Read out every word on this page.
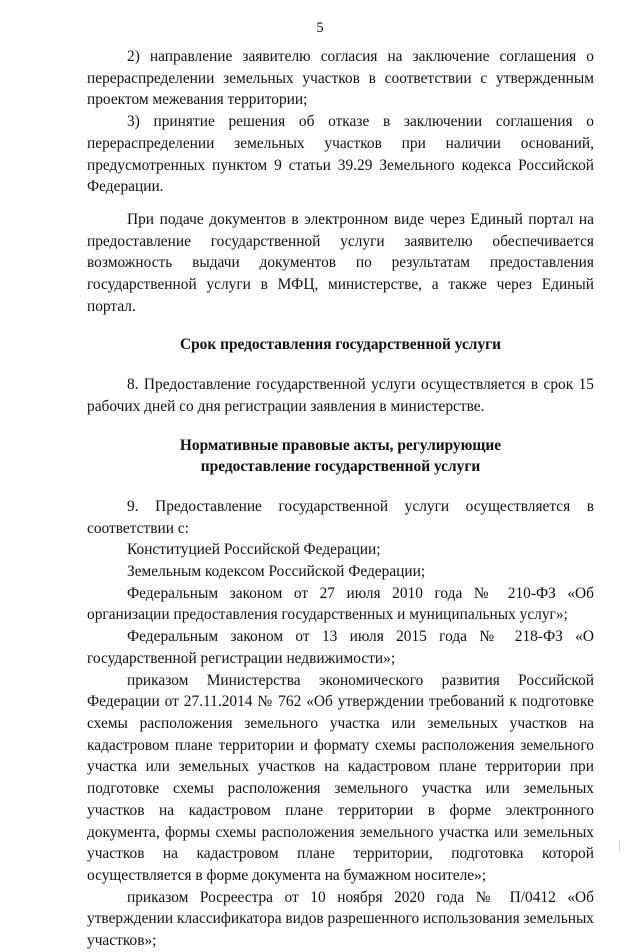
5

2) направление заявителю согласия на заключение соглашения о перераспределении земельных участков в соответствии с утвержденным проектом межевания территории;

3) принятие решения об отказе в заключении соглашения о перераспределении земельных участков при наличии оснований, предусмотренных пунктом 9 статьи 39.29 Земельного кодекса Российской Федерации.

При подаче документов в электронном виде через Единый портал на предоставление государственной услуги заявителю обеспечивается возможность выдачи документов по результатам предоставления государственной услуги в МФЦ, министерстве, а также через Единый портал.

Срок предоставления государственной услуги

8. Предоставление государственной услуги осуществляется в срок 15 рабочих дней со дня регистрации заявления в министерстве.

Нормативные правовые акты, регулирующие
предоставление государственной услуги

9. Предоставление государственной услуги осуществляется в соответствии с:

Конституцией Российской Федерации;

Земельным кодексом Российской Федерации;

Федеральным законом от 27 июля 2010 года № 210-ФЗ «Об организации предоставления государственных и муниципальных услуг»;

Федеральным законом от 13 июля 2015 года № 218-ФЗ «О государственной регистрации недвижимости»;

приказом Министерства экономического развития Российской Федерации от 27.11.2014 № 762 «Об утверждении требований к подготовке схемы расположения земельного участка или земельных участков на кадастровом плане территории и формату схемы расположения земельного участка или земельных участков на кадастровом плане территории при подготовке схемы расположения земельного участка или земельных участков на кадастровом плане территории в форме электронного документа, формы схемы расположения земельного участка или земельных участков на кадастровом плане территории, подготовка которой осуществляется в форме документа на бумажном носителе»;

приказом Росреестра от 10 ноября 2020 года № П/0412 «Об утверждении классификатора видов разрешенного использования земельных участков»;
